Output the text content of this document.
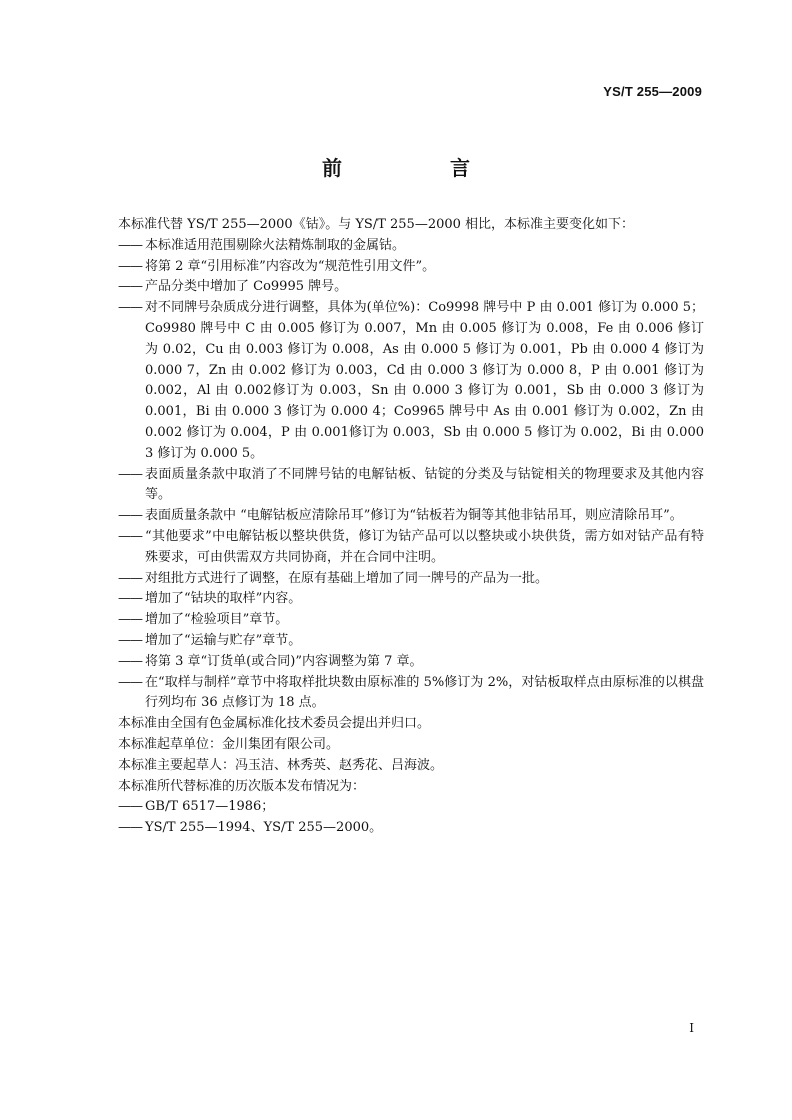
YS/T 255—2009
前　言

本标准代替 YS/T 255—2000《钴》。与 YS/T 255—2000 相比，本标准主要变化如下：

—— 本标准适用范围剔除火法精炼制取的金属钴。
—— 将第 2 章“引用标准”内容改为“规范性引用文件”。
—— 产品分类中增加了 Co9995 牌号。
—— 对不同牌号杂质成分进行调整，具体为(单位%)：Co9998 牌号中 P 由 0.001 修订为 0.000 5；Co9980 牌号中 C 由 0.005 修订为 0.007，Mn 由 0.005 修订为 0.008，Fe 由 0.006 修订为 0.02，Cu 由 0.003 修订为 0.008，As 由 0.000 5 修订为 0.001，Pb 由 0.000 4 修订为 0.000 7，Zn 由 0.002 修订为 0.003，Cd 由 0.000 3 修订为 0.000 8，P 由 0.001 修订为 0.002，Al 由 0.002修订为 0.003，Sn 由 0.000 3 修订为 0.001，Sb 由 0.000 3 修订为 0.001，Bi 由 0.000 3 修订为 0.000 4；Co9965 牌号中 As 由 0.001 修订为 0.002，Zn 由 0.002 修订为 0.004，P 由 0.001修订为 0.003，Sb 由 0.000 5 修订为 0.002，Bi 由 0.000 3 修订为 0.000 5。
—— 表面质量条款中取消了不同牌号钴的电解钴板、钴锭的分类及与钴锭相关的物理要求及其他内容等。
—— 表面质量条款中 “电解钴板应清除吊耳”修订为“钴板若为铜等其他非钴吊耳，则应清除吊耳”。
—— “其他要求”中电解钴板以整块供货，修订为钴产品可以以整块或小块供货，需方如对钴产品有特殊要求，可由供需双方共同协商，并在合同中注明。
—— 对组批方式进行了调整，在原有基础上增加了同一牌号的产品为一批。
—— 增加了“钴块的取样”内容。
—— 增加了“检验项目”章节。
—— 增加了“运输与贮存”章节。
—— 将第 3 章“订货单(或合同)”内容调整为第 7 章。
—— 在“取样与制样”章节中将取样批块数由原标准的 5%修订为 2%，对钴板取样点由原标准的以棋盘行列均布 36 点修订为 18 点。

本标准由全国有色金属标准化技术委员会提出并归口。

本标准起草单位：金川集团有限公司。

本标准主要起草人：冯玉洁、林秀英、赵秀花、吕海波。

本标准所代替标准的历次版本发布情况为：

—— GB/T 6517—1986；
—— YS/T 255—1994、YS/T 255—2000。
I
